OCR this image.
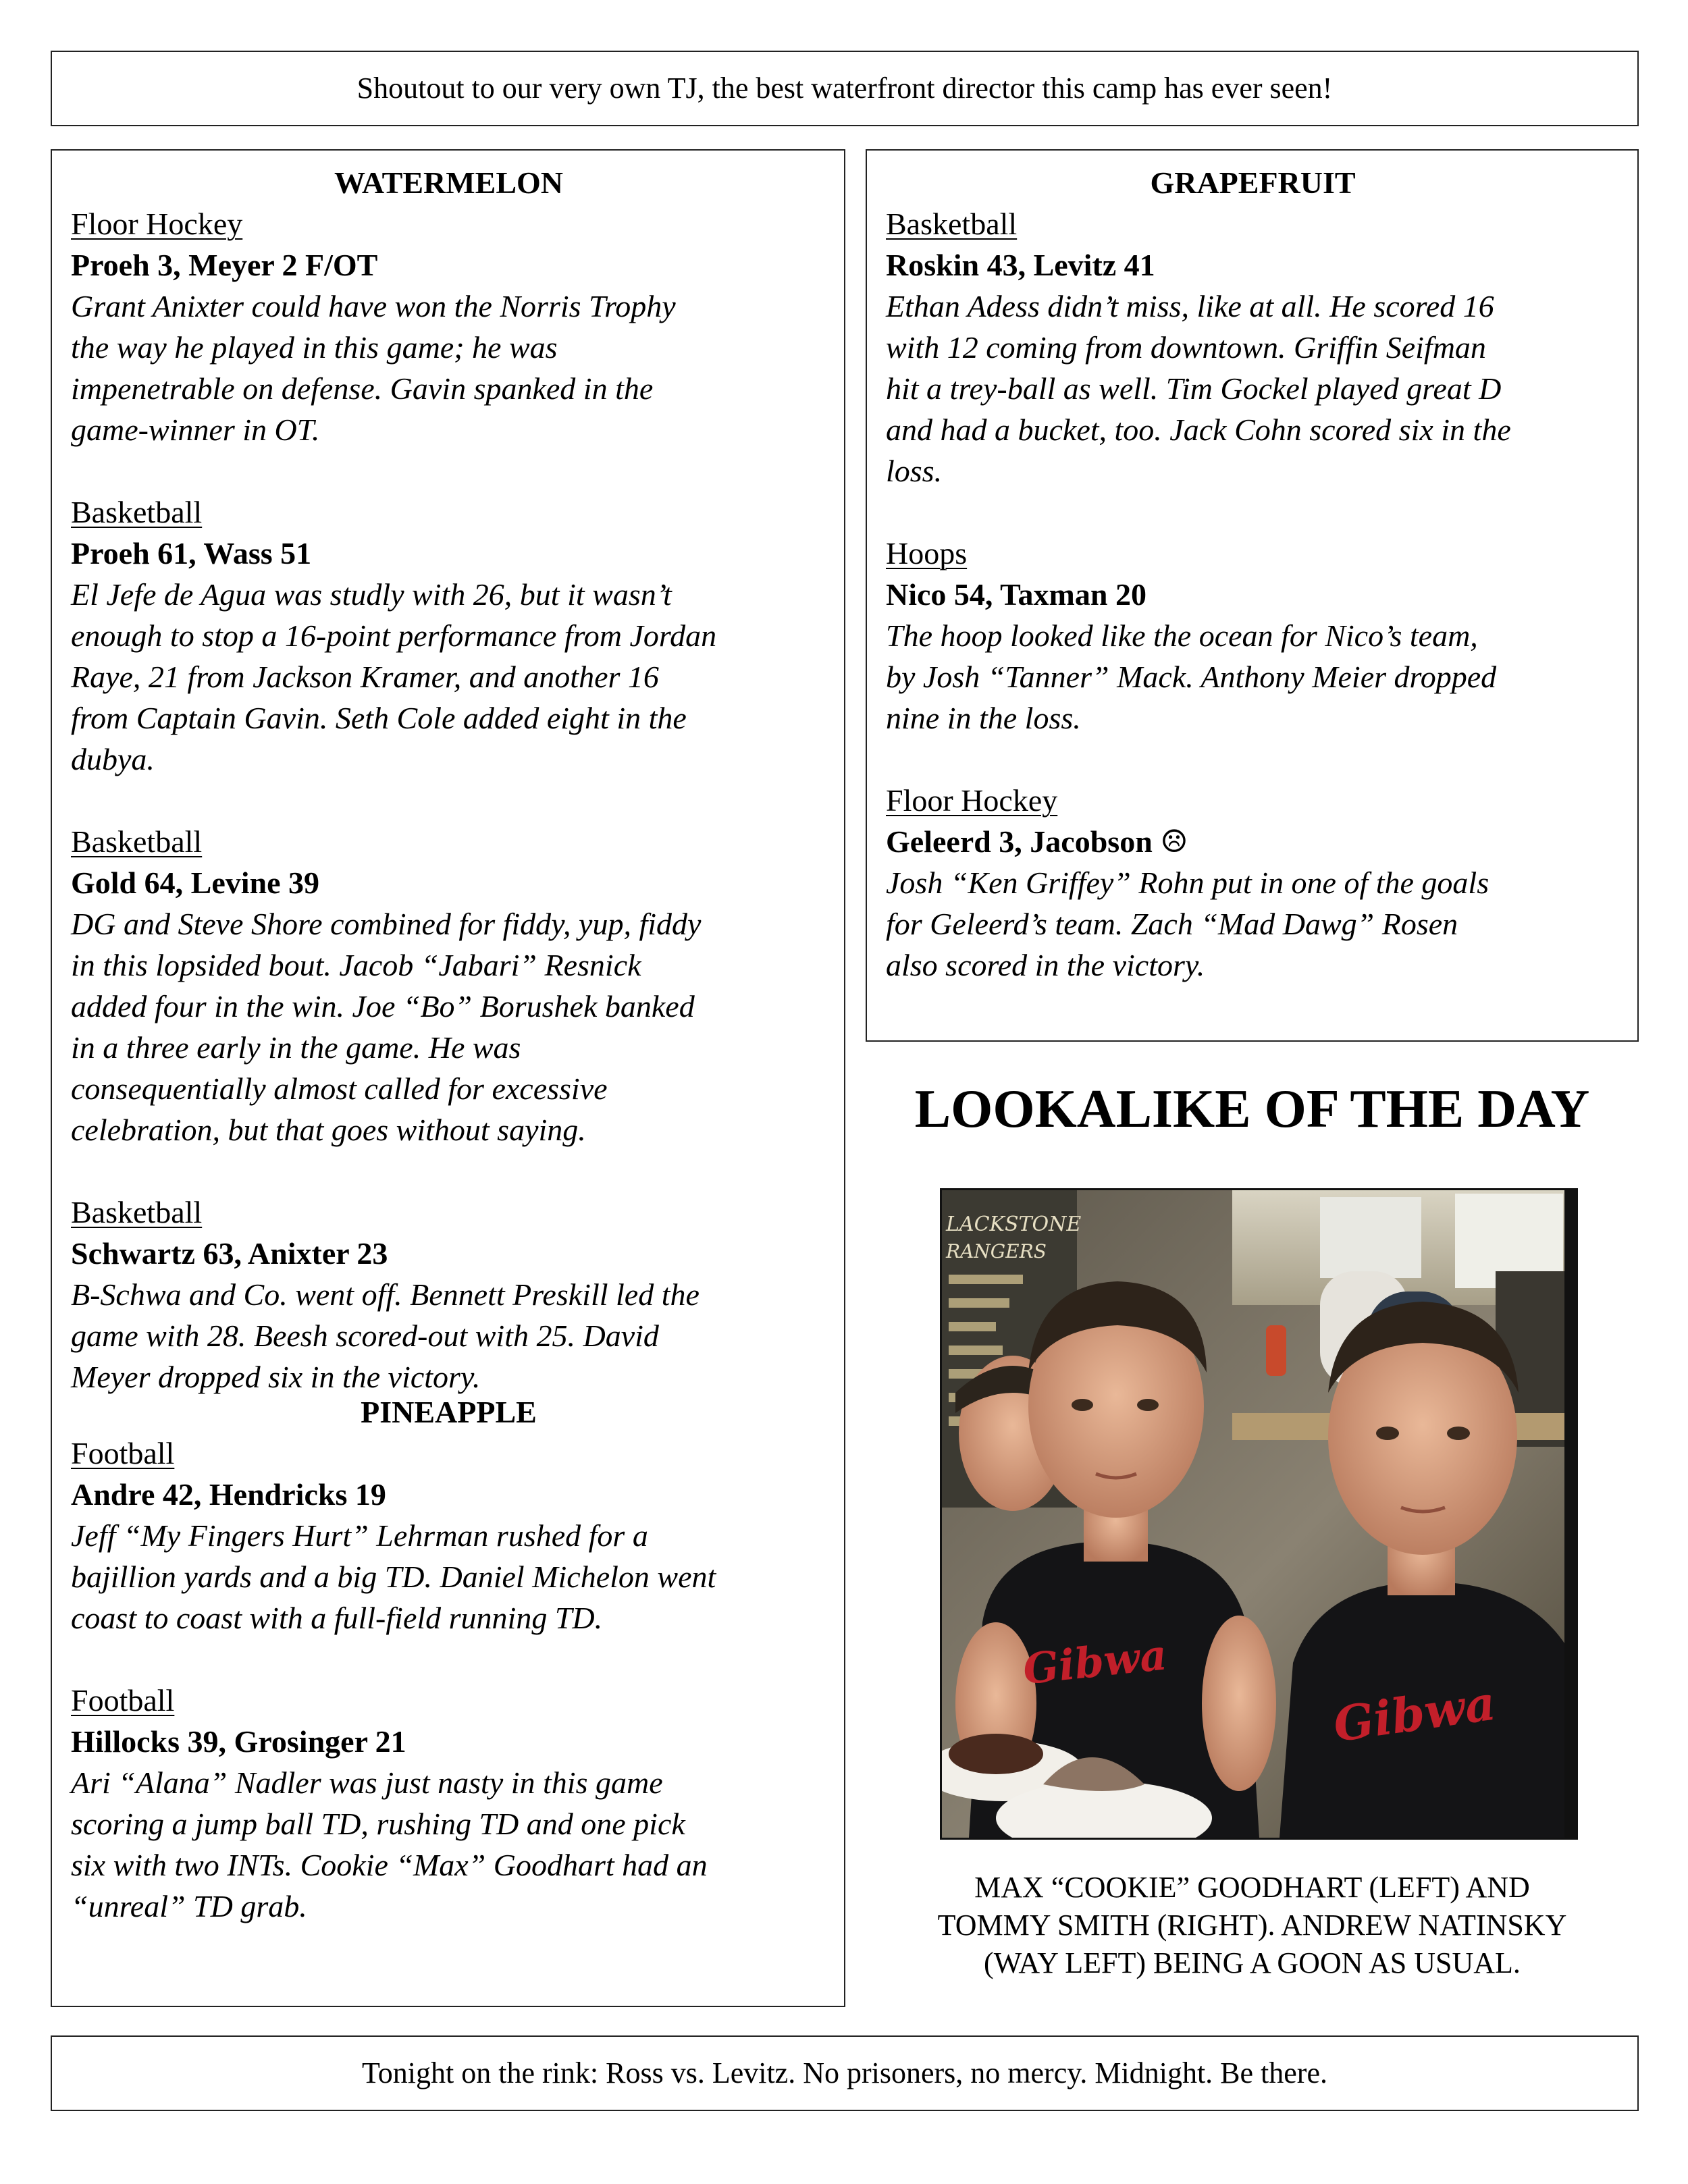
Shoutout to our very own TJ, the best waterfront director this camp has ever seen!
WATERMELON
Floor Hockey
Proeh 3, Meyer 2 F/OT
Grant Anixter could have won the Norris Trophy
the way he played in this game; he was
impenetrable on defense. Gavin spanked in the
game-winner in OT.
Basketball
Proeh 61, Wass 51
El Jefe de Agua was studly with 26, but it wasn’t
enough to stop a 16-point performance from Jordan
Raye, 21 from Jackson Kramer, and another 16
from Captain Gavin. Seth Cole added eight in the
dubya.
Basketball
Gold 64, Levine 39
DG and Steve Shore combined for fiddy, yup, fiddy
in this lopsided bout. Jacob “Jabari” Resnick
added four in the win. Joe “Bo” Borushek banked
in a three early in the game. He was
consequentially almost called for excessive
celebration, but that goes without saying.
Basketball
Schwartz 63, Anixter 23
B-Schwa and Co. went off. Bennett Preskill led the
game with 28. Beesh scored-out with 25. David
Meyer dropped six in the victory.
PINEAPPLE
Football
Andre 42, Hendricks 19
Jeff “My Fingers Hurt” Lehrman rushed for a
bajillion yards and a big TD. Daniel Michelon went
coast to coast with a full-field running TD.
Football
Hillocks 39, Grosinger 21
Ari “Alana” Nadler was just nasty in this game
scoring a jump ball TD, rushing TD and one pick
six with two INTs. Cookie “Max” Goodhart had an
“unreal” TD grab.
GRAPEFRUIT
Basketball
Roskin 43, Levitz 41
Ethan Adess didn’t miss, like at all. He scored 16
with 12 coming from downtown. Griffin Seifman
hit a trey-ball as well. Tim Gockel played great D
and had a bucket, too. Jack Cohn scored six in the
loss.
Hoops
Nico 54, Taxman 20
The hoop looked like the ocean for Nico’s team,
by Josh “Tanner” Mack. Anthony Meier dropped
nine in the loss.
Floor Hockey
Geleerd 3, Jacobson ☹
Josh “Ken Griffey” Rohn put in one of the goals
for Geleerd’s team. Zach “Mad Dawg” Rosen
also scored in the victory.
LOOKALIKE OF THE DAY
LACKSTONE
RANGERS
Gibwa
Gibwa
MAX “COOKIE” GOODHART (LEFT) AND
TOMMY SMITH (RIGHT). ANDREW NATINSKY
(WAY LEFT) BEING A GOON AS USUAL.
Tonight on the rink: Ross vs. Levitz. No prisoners, no mercy. Midnight. Be there.
